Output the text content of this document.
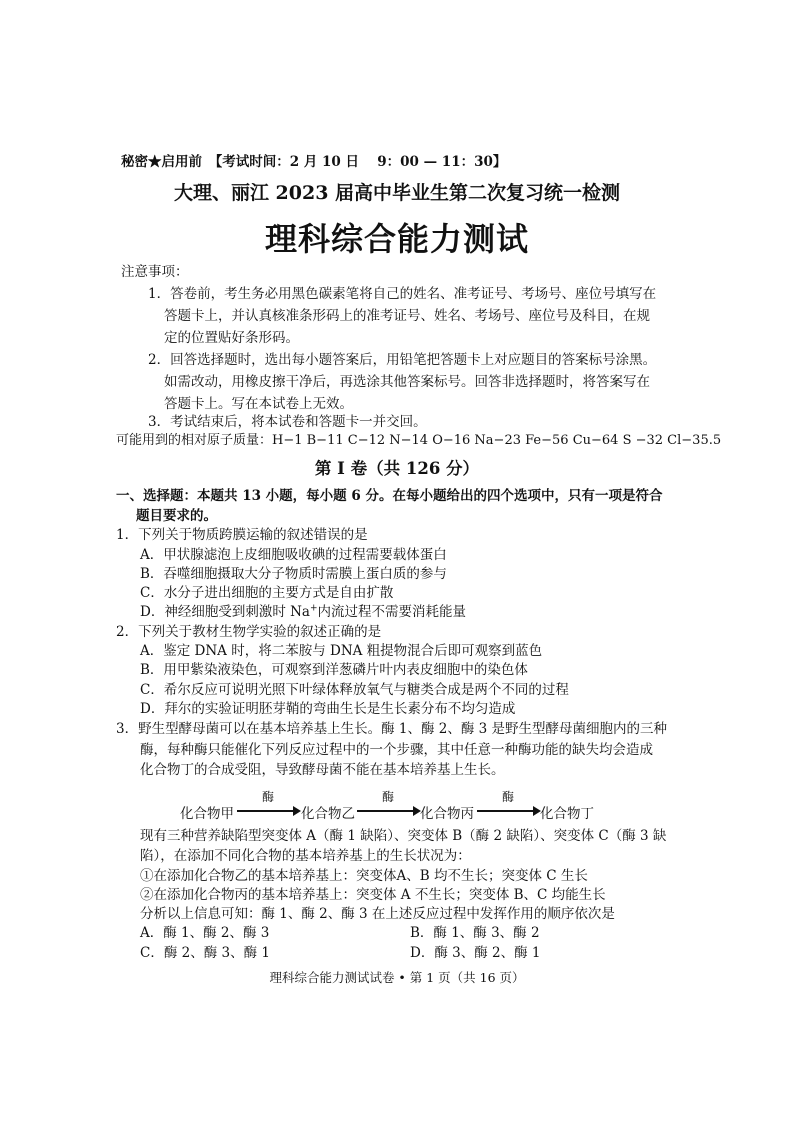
秘密★启用前　【考试时间：2 月 10 日　 9：00 — 11：30】
大理、丽江 2023 届高中毕业生第二次复习统一检测
理科综合能力测试
注意事项：
1．答卷前，考生务必用黑色碳素笔将自己的姓名、准考证号、考场号、座位号填写在
答题卡上，并认真核准条形码上的准考证号、姓名、考场号、座位号及科目，在规
定的位置贴好条形码。
2．回答选择题时，选出每小题答案后，用铅笔把答题卡上对应题目的答案标号涂黑。
如需改动，用橡皮擦干净后，再选涂其他答案标号。回答非选择题时，将答案写在
答题卡上。写在本试卷上无效。
3．考试结束后，将本试卷和答题卡一并交回。
可能用到的相对原子质量：H−1 B−11 C−12 N−14 O−16 Na−23 Fe−56 Cu−64 S −32 Cl−35.5
第 Ⅰ 卷（共 126 分）
一、选择题：本题共 13 小题，每小题 6 分。在每小题给出的四个选项中，只有一项是符合
题目要求的。
1．下列关于物质跨膜运输的叙述错误的是
A．甲状腺滤泡上皮细胞吸收碘的过程需要载体蛋白
B．吞噬细胞摄取大分子物质时需膜上蛋白质的参与
C．水分子进出细胞的主要方式是自由扩散
D．神经细胞受到刺激时 Na+内流过程不需要消耗能量
2．下列关于教材生物学实验的叙述正确的是
A．鉴定 DNA 时，将二苯胺与 DNA 粗提物混合后即可观察到蓝色
B．用甲紫染液染色，可观察到洋葱磷片叶内表皮细胞中的染色体
C．希尔反应可说明光照下叶绿体释放氧气与糖类合成是两个不同的过程
D．拜尔的实验证明胚芽鞘的弯曲生长是生长素分布不均匀造成
3．野生型酵母菌可以在基本培养基上生长。酶 1、酶 2、酶 3 是野生型酵母菌细胞内的三种
酶，每种酶只能催化下列反应过程中的一个步骤，其中任意一种酶功能的缺失均会造成
化合物丁的合成受阻，导致酵母菌不能在基本培养基上生长。
化合物甲
酶
化合物乙
酶
化合物丙
酶
化合物丁
现有三种营养缺陷型突变体 A（酶 1 缺陷）、突变体 B（酶 2 缺陷）、突变体 C（酶 3 缺
陷），在添加不同化合物的基本培养基上的生长状况为：
①在添加化合物乙的基本培养基上：突变体A、B 均不生长；突变体 C 生长
②在添加化合物丙的基本培养基上：突变体 A 不生长；突变体 B、C 均能生长
分析以上信息可知：酶 1、酶 2、酶 3 在上述反应过程中发挥作用的顺序依次是
A．酶 1、酶 2、酶 3	B．酶 1、酶 3、酶 2
C．酶 2、酶 3、酶 1	D．酶 3、酶 2、酶 1
理科综合能力测试试卷 • 第 1 页（共 16 页）
